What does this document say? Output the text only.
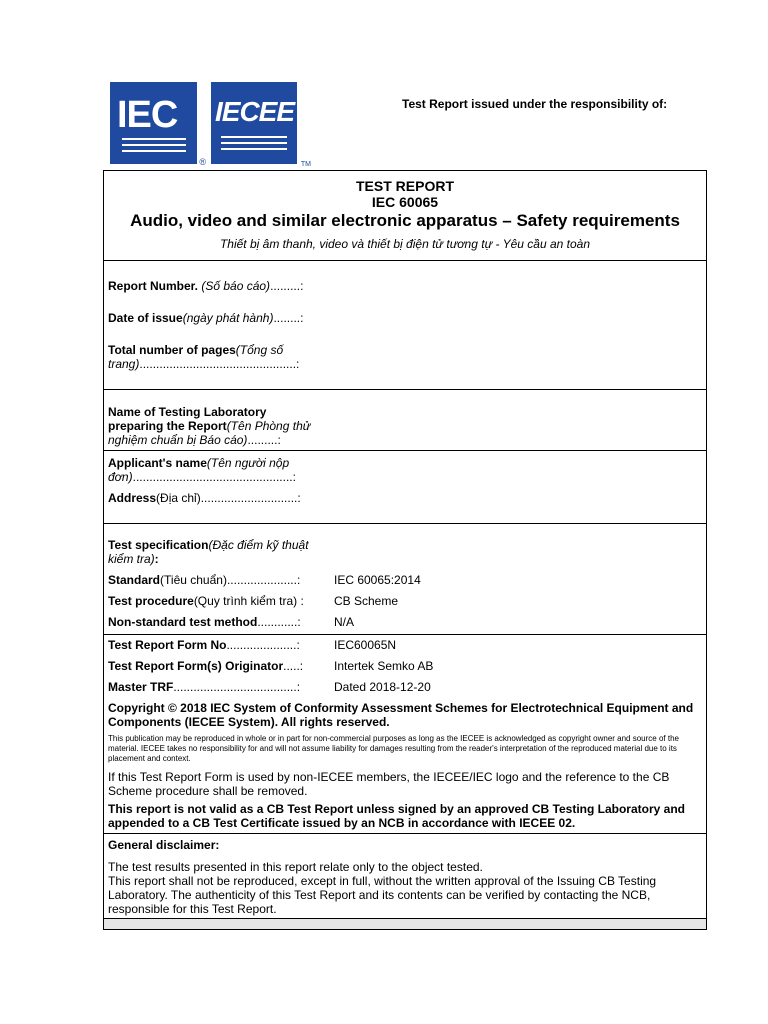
IEC
®
IECEE
TM
Test Report issued under the responsibility of:
TEST REPORT
IEC 60065
Audio, video and similar electronic apparatus – Safety requirements
Thiết bị âm thanh, video và thiết bị điện tử tương tự - Yêu cầu an toàn
Report Number. (Số báo cáo).........:
Date of issue(ngày phát hành)........:
Total number of pages(Tổng số trang)...............................................:
Name of Testing Laboratory preparing the Report(Tên Phòng thử nghiệm chuẩn bị Báo cáo).........:
Applicant's name(Tên người nộp đơn)................................................:
Address(Địa chỉ).............................:
Test specification(Đặc điểm kỹ thuật kiểm tra):
Standard(Tiêu chuẩn).....................:	IEC 60065:2014
Test procedure(Quy trình kiểm tra) :	CB Scheme
Non-standard test method............:	N/A
Test Report Form No.....................:	IEC60065N
Test Report Form(s) Originator.....:	Intertek Semko AB
Master TRF.....................................:	Dated 2018-12-20
Copyright © 2018 IEC System of Conformity Assessment Schemes for Electrotechnical Equipment and Components (IECEE System). All rights reserved.
This publication may be reproduced in whole or in part for non-commercial purposes as long as the IECEE is acknowledged as copyright owner and source of the material. IECEE takes no responsibility for and will not assume liability for damages resulting from the reader's interpretation of the reproduced material due to its placement and context.
If this Test Report Form is used by non-IECEE members, the IECEE/IEC logo and the reference to the CB Scheme procedure shall be removed.
This report is not valid as a CB Test Report unless signed by an approved CB Testing Laboratory and appended to a CB Test Certificate issued by an NCB in accordance with IECEE 02.
General disclaimer:
The test results presented in this report relate only to the object tested.
This report shall not be reproduced, except in full, without the written approval of the Issuing CB Testing Laboratory. The authenticity of this Test Report and its contents can be verified by contacting the NCB, responsible for this Test Report.
